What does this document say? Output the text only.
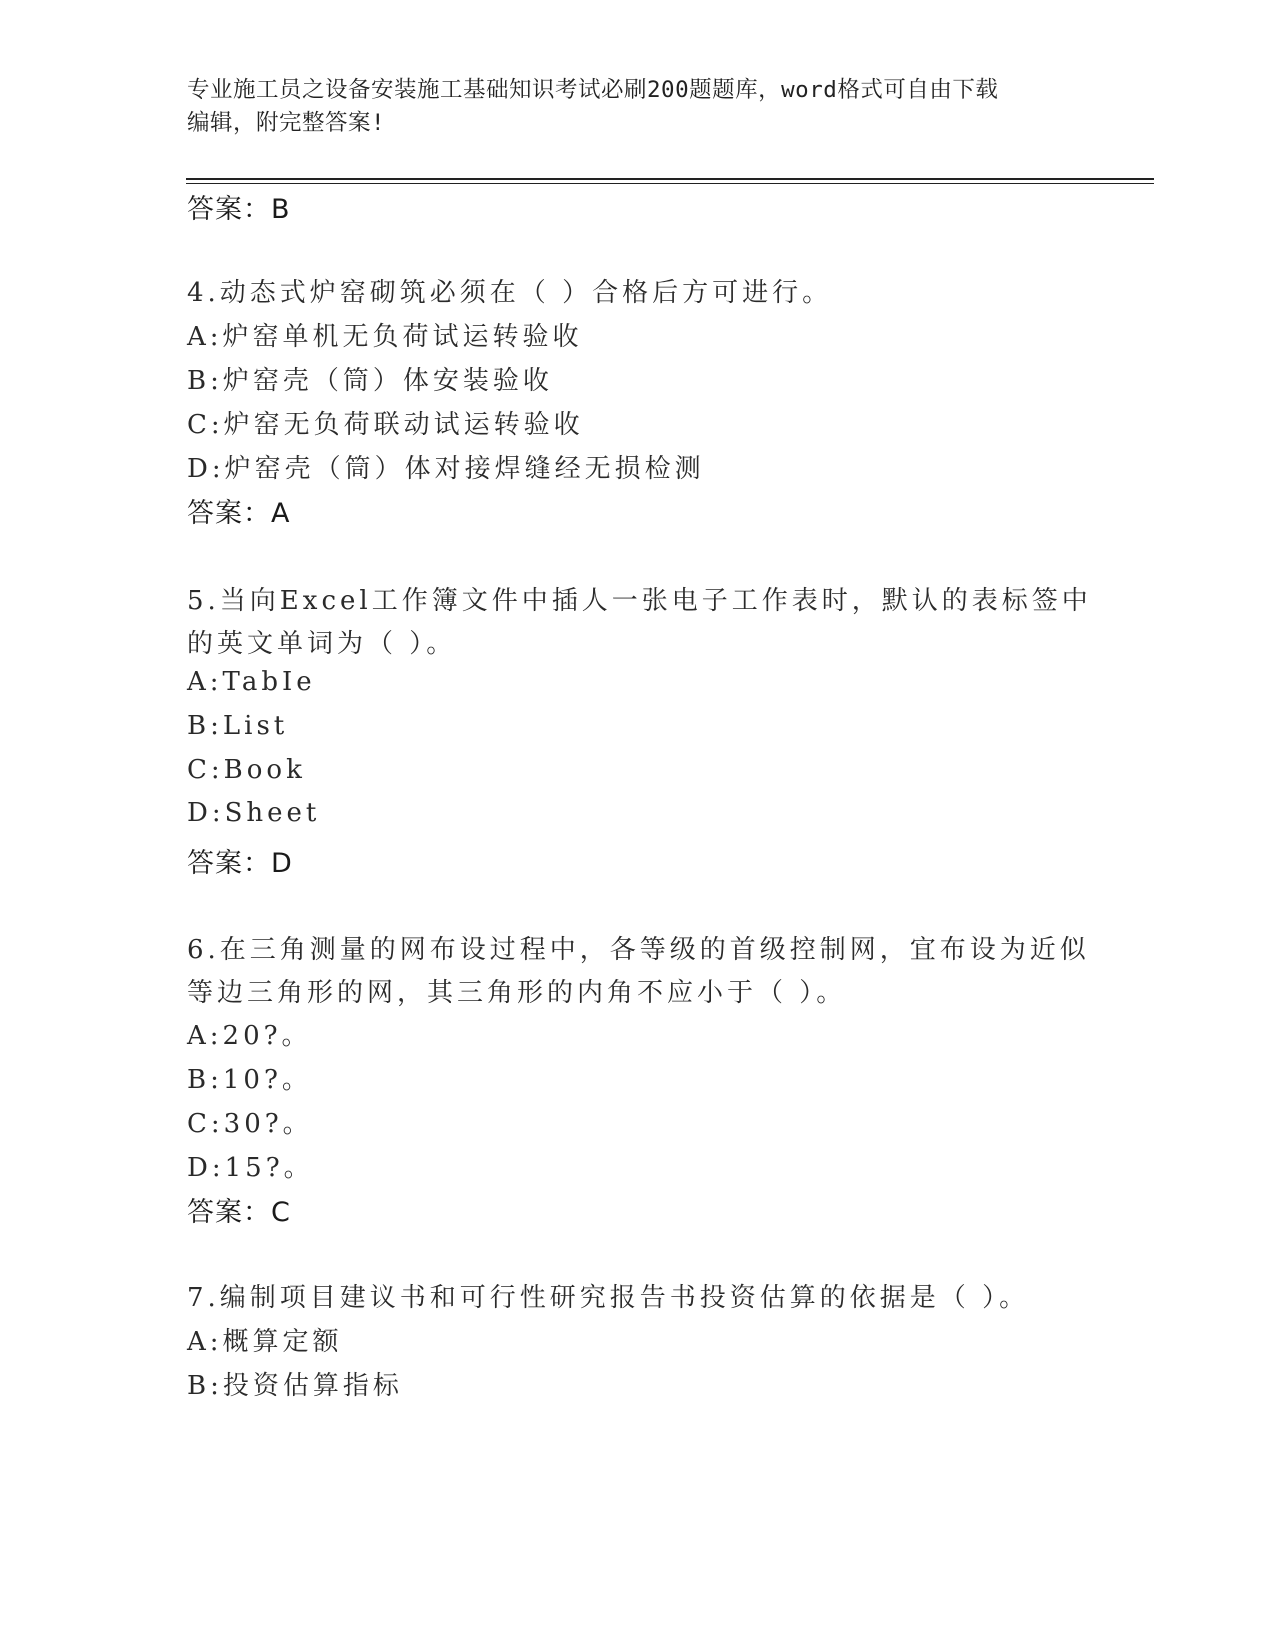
专业施工员之设备安装施工基础知识考试必刷200题题库，word格式可自由下载
编辑，附完整答案!
答案：B
4.动态式炉窑砌筑必须在（ ）合格后方可进行。
A:炉窑单机无负荷试运转验收
B:炉窑壳（筒）体安装验收
C:炉窑无负荷联动试运转验收
D:炉窑壳（筒）体对接焊缝经无损检测
答案：A
5.当向Excel工作簿文件中插人一张电子工作表时，默认的表标签中
的英文单词为（ ）。
A:TabIe
B:List
C:Book
D:Sheet
答案：D
6.在三角测量的网布设过程中，各等级的首级控制网，宜布设为近似
等边三角形的网，其三角形的内角不应小于（ ）。
A:20?。
B:10?。
C:30?。
D:15?。
答案：C
7.编制项目建议书和可行性研究报告书投资估算的依据是（ ）。
A:概算定额
B:投资估算指标
